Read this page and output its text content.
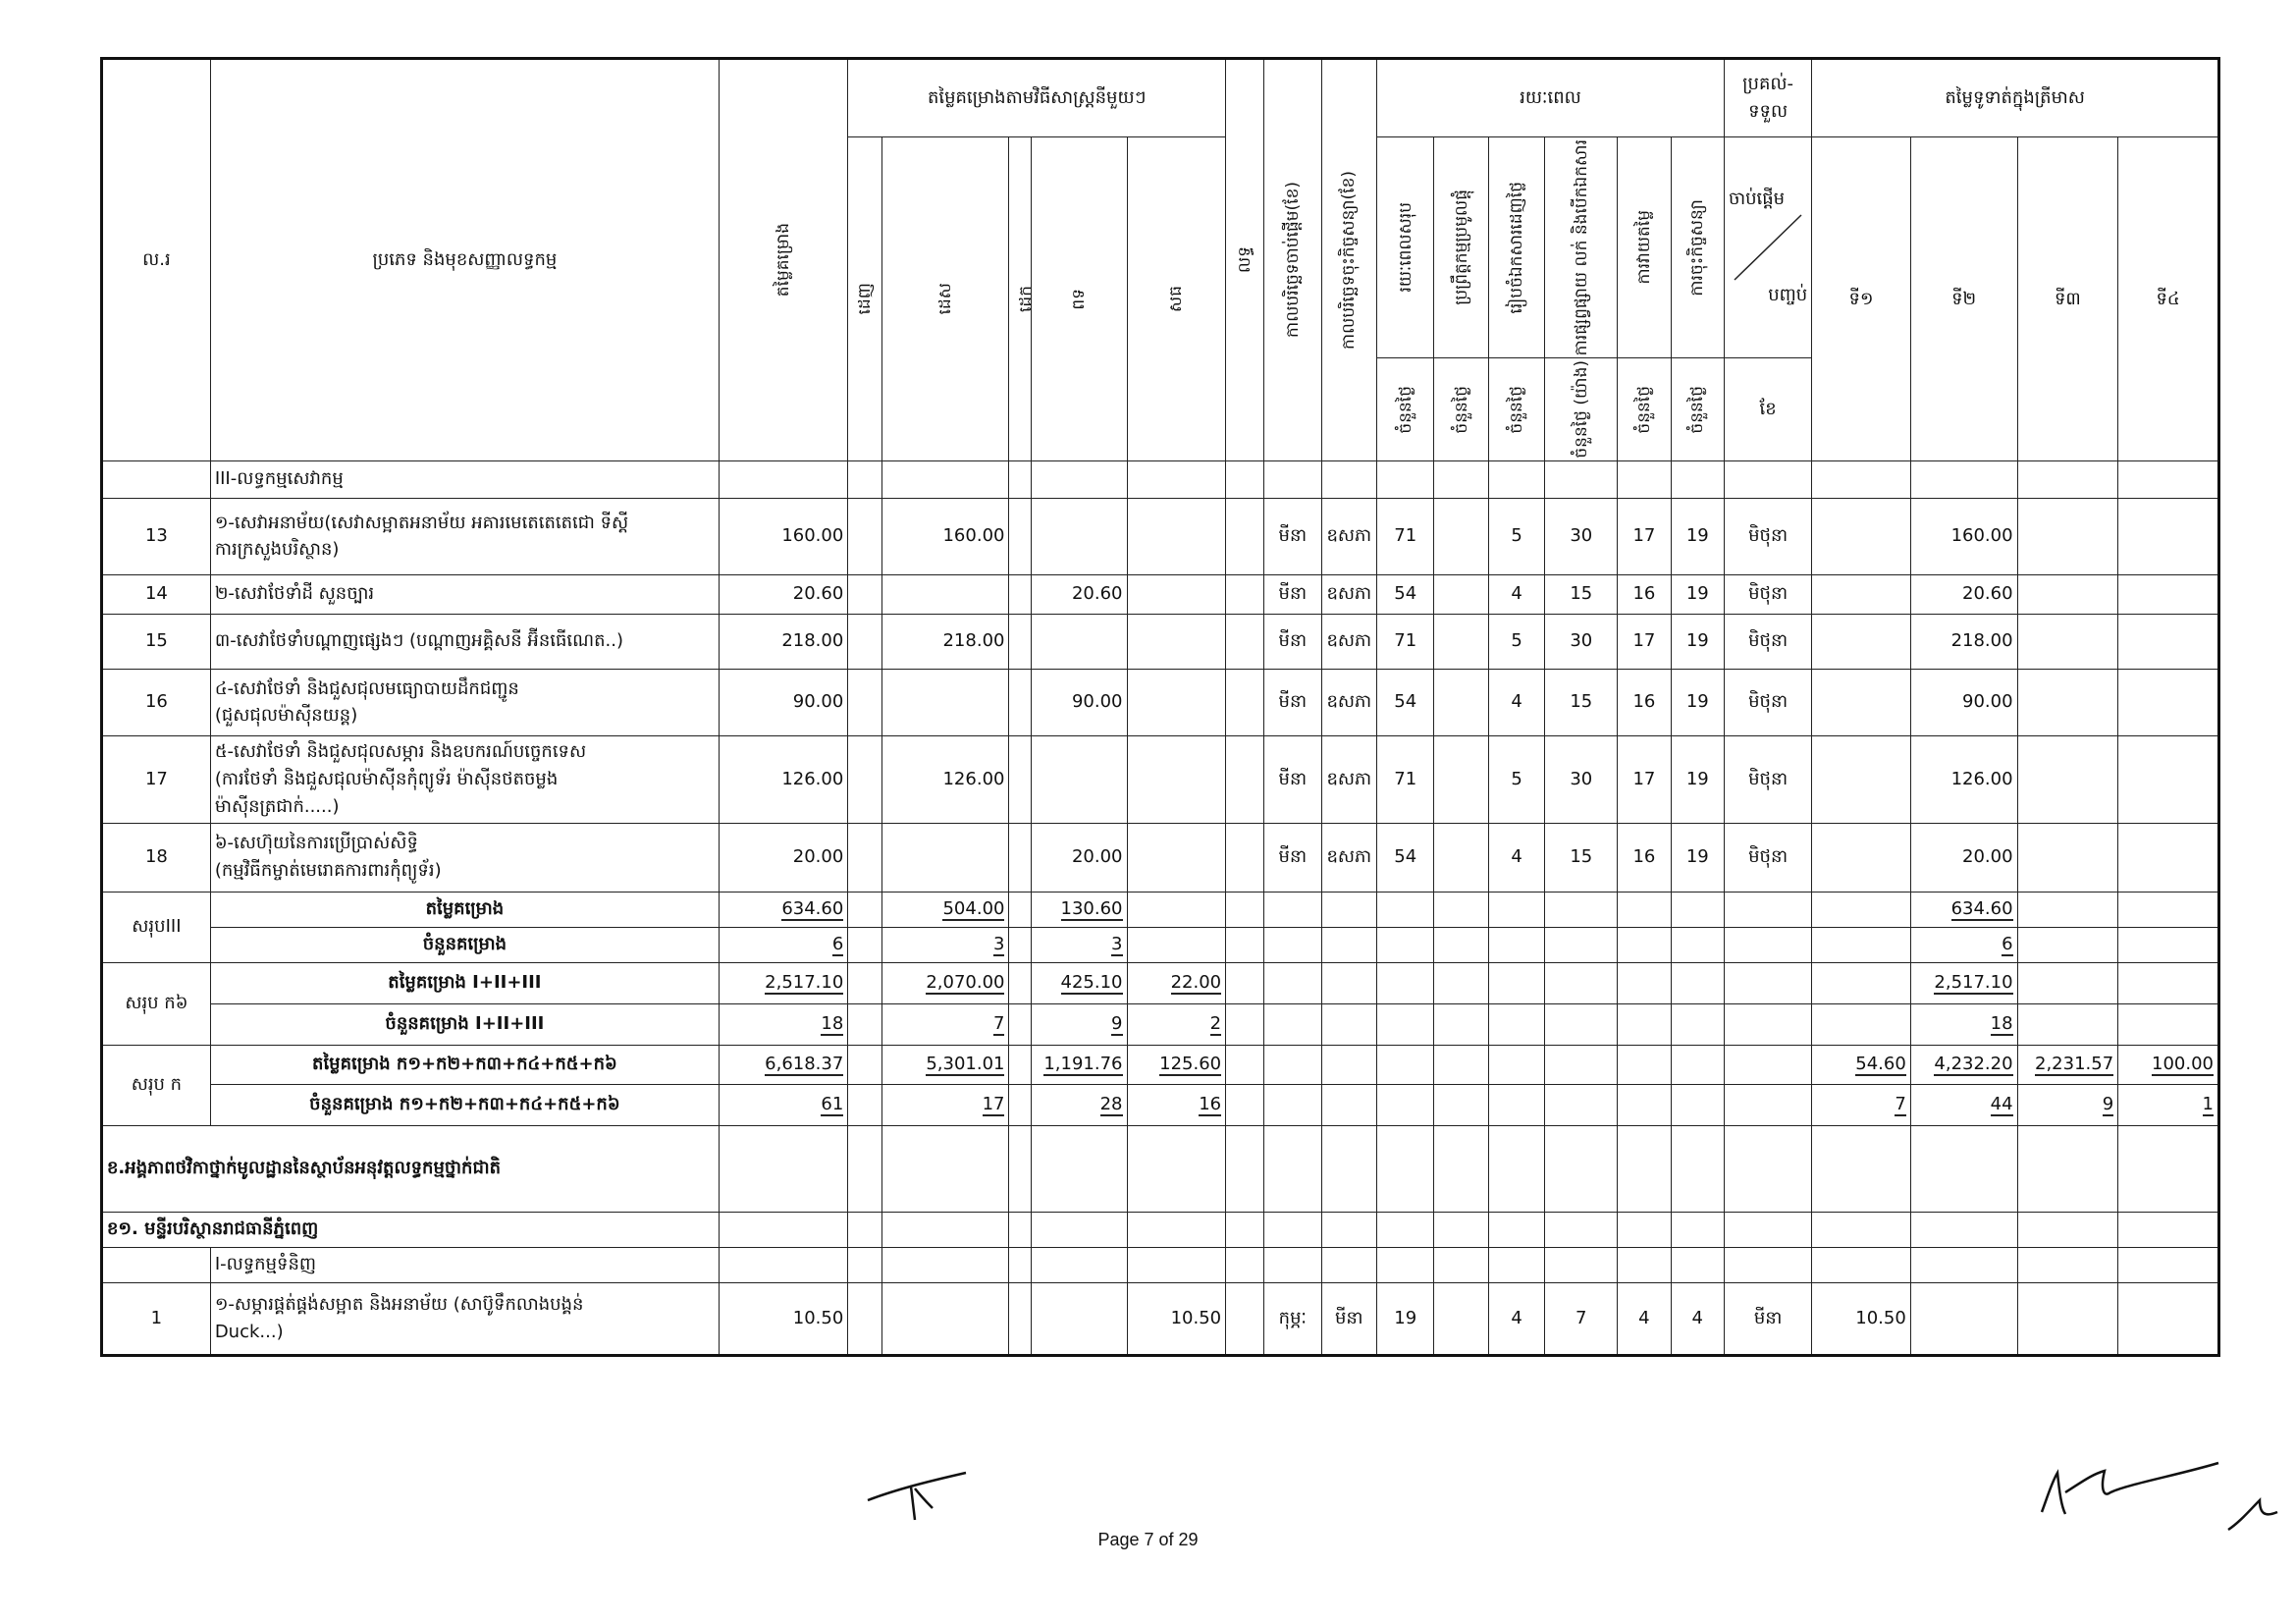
ល.រ	ប្រភេទ និងមុខសញ្ញាលទ្ធកម្ម	តម្លៃគម្រោង	តម្លៃគម្រោងតាមវិធីសាស្ត្រនីមួយៗ					លទ្ធ	កាលបរិច្ឆេទចាប់ផ្តើម(ខែ)	កាលបរិច្ឆេទចុះកិច្ចសន្យា(ខែ)	រយៈពេល						ប្រគល់-ទទួល	តម្លៃទូទាត់ក្នុងត្រីមាស			

			ដេញ	ដេស	ដេក	ពទ	សធ				រយៈពេលសរុប	ប្រព្រឹត្តកម្មប្រមូលផ្តុំ	រៀបចំឯកសារដេញថ្លៃ	ការផ្សព្វផ្សាយ លក់ និងបើកឯកសារ	ការវាយតម្លៃ	ការចុះកិច្ចសន្យា	ចាប់ផ្តើម
បញ្ចប់	ទី១	ទី២	ទី៣	ទី៤

											ចំនួនថ្ងៃ	ចំនួនថ្ងៃ	ចំនួនថ្ងៃ	ចំនួនថ្ងៃ (យ៉ាង)	ចំនួនថ្ងៃ	ចំនួនថ្ងៃ	ខែ				
	III-លទ្ធកម្មសេវាកម្ម																				
13	១-សេវាអនាម័យ(សេវាសម្អាតអនាម័យ អគារមេតេតេតេជោ ទីស្តី
ការក្រសួងបរិស្ថាន)	160.00		160.00					មីនា	ឧសភា	71		5	30	17	19	មិថុនា		160.00		
14	២-សេវាថែទាំដី សួនច្បារ	20.60				20.60			មីនា	ឧសភា	54		4	15	16	19	មិថុនា		20.60		
15	៣-សេវាថែទាំបណ្តាញផ្សេងៗ (បណ្តាញអគ្គិសនី អ៊ីនធើណេត..)	218.00		218.00					មីនា	ឧសភា	71		5	30	17	19	មិថុនា		218.00		
16	៤-សេវាថែទាំ និងជួសជុលមធ្យោបាយដឹកជញ្ជូន
(ជួសជុលម៉ាស៊ីនយន្ត)	90.00				90.00			មីនា	ឧសភា	54		4	15	16	19	មិថុនា		90.00		
17	៥-សេវាថែទាំ និងជួសជុលសម្ភារ និងឧបករណ៍បច្ចេកទេស
(ការថែទាំ និងជួសជុលម៉ាស៊ីនកុំព្យូទ័រ ម៉ាស៊ីនថតចម្លង
ម៉ាស៊ីនត្រជាក់.....)	126.00		126.00					មីនា	ឧសភា	71		5	30	17	19	មិថុនា		126.00		
18	៦-សេហ៊ុយនៃការប្រើប្រាស់សិទ្ធិ
(កម្មវិធីកម្ចាត់មេរោគការពារកុំព្យូទ័រ)	20.00				20.00			មីនា	ឧសភា	54		4	15	16	19	មិថុនា		20.00		
សរុបIII	តម្លៃគម្រោង	634.60		504.00		130.60													634.60		
	ចំនួនគម្រោង	6		3		3													6		
សរុប ក៦	តម្លៃគម្រោង I+II+III	2,517.10		2,070.00		425.10	22.00												2,517.10		
	ចំនួនគម្រោង I+II+III	18		7		9	2												18		
សរុប ក	តម្លៃគម្រោង ក១+ក២+ក៣+ក៤+ក៥+ក៦	6,618.37		5,301.01		1,191.76	125.60											54.60	4,232.20	2,231.57	100.00
	ចំនួនគម្រោង ក១+ក២+ក៣+ក៤+ក៥+ក៦	61		17		28	16											7	44	9	1
ខ.អង្គភាពថវិកាថ្នាក់មូលដ្ឋាននៃស្ថាប័នអនុវត្តលទ្ធកម្មថ្នាក់ជាតិ																					
ខ១. មន្ទីរបរិស្ថានរាជធានីភ្នំពេញ																					
	I-លទ្ធកម្មទំនិញ																				
1	១-សម្ភារផ្គត់ផ្គង់សម្អាត និងអនាម័យ (សាប៊ូទឹកលាងបង្គន់
Duck...)	10.50					10.50		កុម្ភៈ	មីនា	19		4	7	4	4	មីនា	10.50			
Page 7 of 29
